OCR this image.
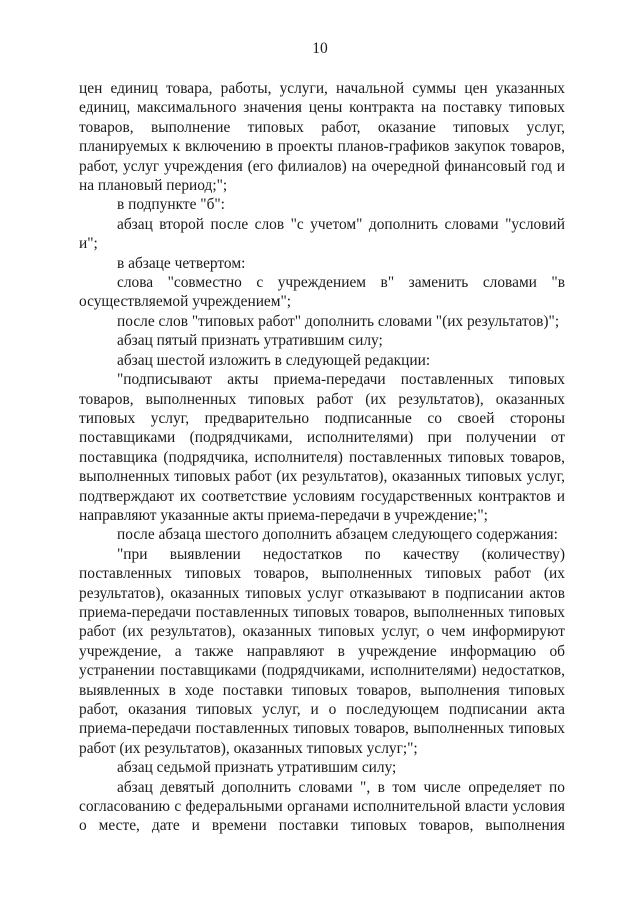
10

цен единиц товара, работы, услуги, начальной суммы цен указанных единиц, максимального значения цены контракта на поставку типовых товаров, выполнение типовых работ, оказание типовых услуг, планируемых к включению в проекты планов-графиков закупок товаров, работ, услуг учреждения (его филиалов) на очередной финансовый год и на плановый период;";

в подпункте "б":

абзац второй после слов "с учетом" дополнить словами "условий и";

в абзаце четвертом:

слова "совместно с учреждением в" заменить словами "в осуществляемой учреждением";

после слов "типовых работ" дополнить словами "(их результатов)";

абзац пятый признать утратившим силу;

абзац шестой изложить в следующей редакции:

"подписывают акты приема-передачи поставленных типовых товаров, выполненных типовых работ (их результатов), оказанных типовых услуг, предварительно подписанные со своей стороны поставщиками (подрядчиками, исполнителями) при получении от поставщика (подрядчика, исполнителя) поставленных типовых товаров, выполненных типовых работ (их результатов), оказанных типовых услуг, подтверждают их соответствие условиям государственных контрактов и направляют указанные акты приема-передачи в учреждение;";

после абзаца шестого дополнить абзацем следующего содержания:

"при выявлении недостатков по качеству (количеству) поставленных типовых товаров, выполненных типовых работ (их результатов), оказанных типовых услуг отказывают в подписании актов приема-передачи поставленных типовых товаров, выполненных типовых работ (их результатов), оказанных типовых услуг, о чем информируют учреждение, а также направляют в учреждение информацию об устранении поставщиками (подрядчиками, исполнителями) недостатков, выявленных в ходе поставки типовых товаров, выполнения типовых работ, оказания типовых услуг, и о последующем подписании акта приема-передачи поставленных типовых товаров, выполненных типовых работ (их результатов), оказанных типовых услуг;";

абзац седьмой признать утратившим силу;

абзац девятый дополнить словами ", в том числе определяет по согласованию с федеральными органами исполнительной власти условия о месте, дате и времени поставки типовых товаров, выполнения
